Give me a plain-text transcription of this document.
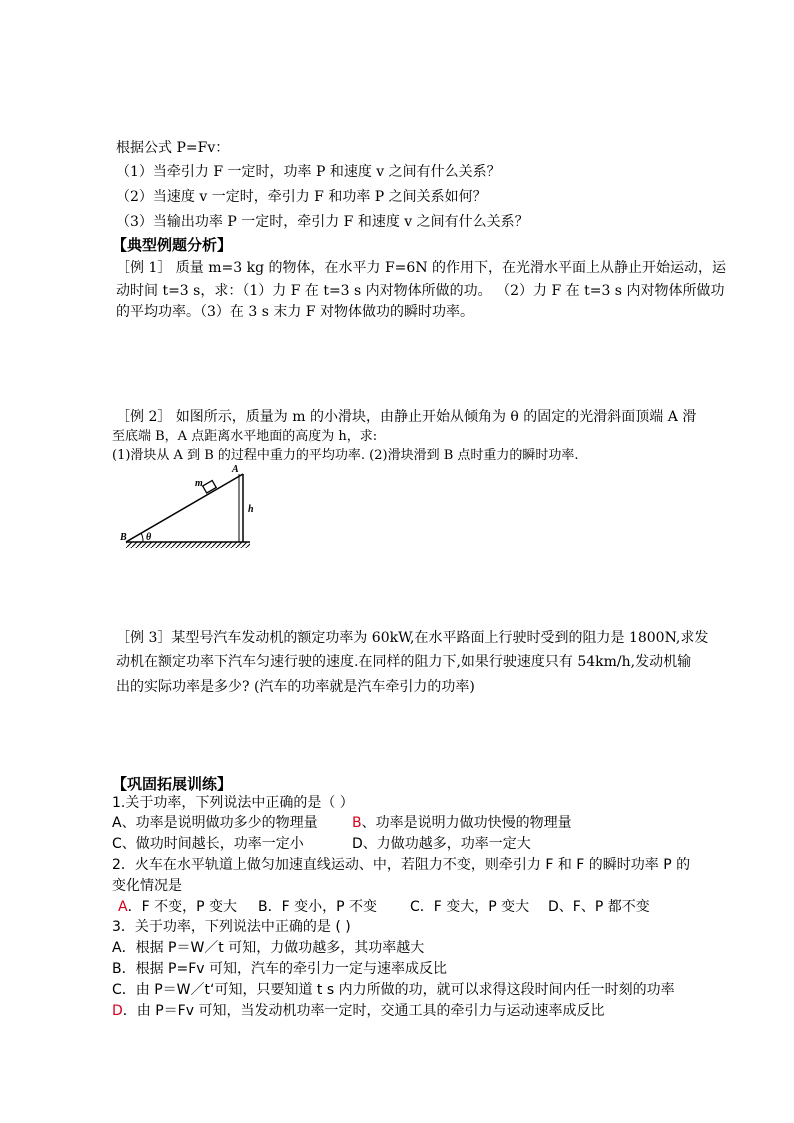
根据公式 P=Fv：
（1）当牵引力 F 一定时，功率 P 和速度 v 之间有什么关系？
（2）当速度 v 一定时，牵引力 F 和功率 P 之间关系如何？
（3）当输出功率 P 一定时，牵引力 F 和速度 v 之间有什么关系？
【典型例题分析】
［例 1］ 质量 m=3 kg 的物体，在水平力 F=6N 的作用下，在光滑水平面上从静止开始运动，运
动时间 t=3 s，求：（1）力 F 在 t=3 s 内对物体所做的功。 （2）力 F 在 t=3 s 内对物体所做功
的平均功率。（3）在 3 s 末力 F 对物体做功的瞬时功率。
［例 2］ 如图所示，质量为 m 的小滑块，由静止开始从倾角为 θ 的固定的光滑斜面顶端 A 滑
至底端 B，A 点距离水平地面的高度为 h，求:
(1)滑块从 A 到 B 的过程中重力的平均功率. (2)滑块滑到 B 点时重力的瞬时功率.
A
B
m
h
θ
［例 3］某型号汽车发动机的额定功率为 60kW,在水平路面上行驶时受到的阻力是 1800N,求发
动机在额定功率下汽车匀速行驶的速度.在同样的阻力下,如果行驶速度只有 54km/h,发动机输
出的实际功率是多少? (汽车的功率就是汽车牵引力的功率)
【巩固拓展训练】
1.关于功率，下列说法中正确的是（ ）
A、功率是说明做功多少的物理量 B、功率是说明力做功快慢的物理量
C、做功时间越长，功率一定小	D、力做功越多，功率一定大
2．火车在水平轨道上做匀加速直线运动、中，若阻力不变，则牵引力 F 和 F 的瞬时功率 P 的
变化情况是
A．F 不变，P 变大 B．F 变小，P 不变 C．F 变大，P 变大 D、F、P 都不变
3．关于功率，下列说法中正确的是 ( )
A．根据 P＝W／t 可知，力做功越多，其功率越大
B．根据 P=Fv 可知，汽车的牵引力一定与速率成反比
C．由 P＝W／t‘可知，只要知道 t s 内力所做的功，就可以求得这段时间内任一时刻的功率
D．由 P＝Fv 可知，当发动机功率一定时，交通工具的牵引力与运动速率成反比
